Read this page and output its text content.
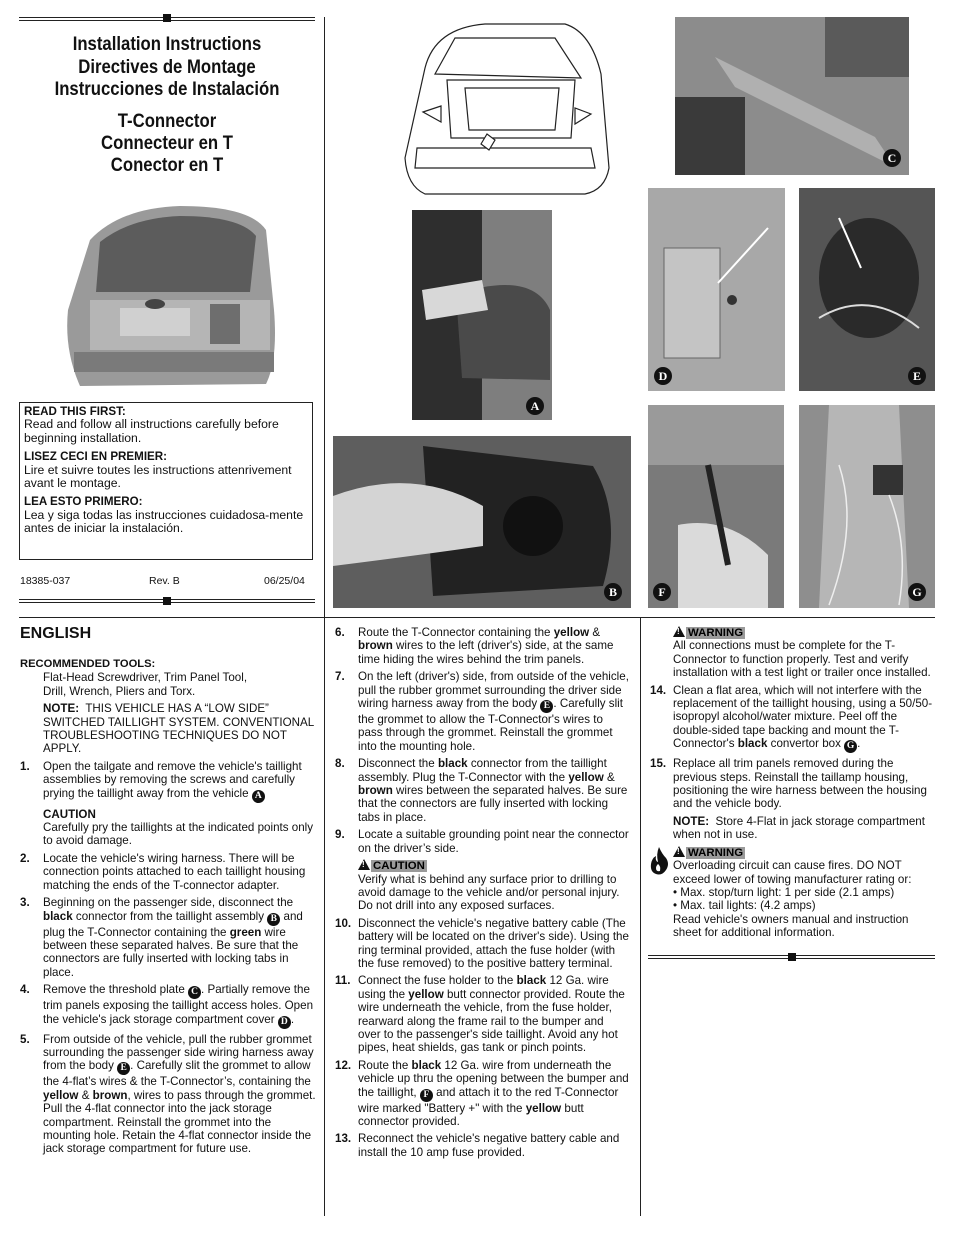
Installation Instructions
Directives de Montage
Instrucciones de Instalación
T-Connector
Connecteur en T
Conector en T

READ THIS FIRST:

Read and follow all instructions carefully before beginning installation.

LISEZ CECI EN PREMIER:

Lire et suivre toutes les instructions attenrivement avant le montage.

LEA ESTO PRIMERO:

Lea y siga todas las instrucciones cuidadosa-mente antes de iniciar la instalación.

18385-037	Rev. B	06/25/04
C
A
D	E
B	F	G

ENGLISH

RECOMMENDED TOOLS:

Flat-Head Screwdriver, Trim Panel Tool, Drill, Wrench, Pliers and Torx.

NOTE: THIS VEHICLE HAS A “LOW SIDE” SWITCHED TAILLIGHT SYSTEM. CONVENTIONAL TROUBLESHOOTING TECHNIQUES DO NOT APPLY.

1. Open the tailgate and remove the vehicle's taillight assemblies by removing the screws and carefully prying the taillight away from the vehicle A

CAUTION

Carefully pry the taillights at the indicated points only to avoid damage.

2. Locate the vehicle's wiring harness. There will be connection points attached to each taillight housing matching the ends of the T-connector adapter.

3. Beginning on the passenger side, disconnect the black connector from the taillight assembly B and plug the T-Connector containing the green wire between these separated halves. Be sure that the connectors are fully inserted with locking tabs in place.

4. Remove the threshold plate C . Partially remove the trim panels exposing the taillight access holes. Open the vehicle's jack storage compartment cover D .

5. From outside of the vehicle, pull the rubber grommet surrounding the passenger side wiring harness away from the body E . Carefully slit the grommet to allow the 4-flat’s wires & the T-Connector’s, containing the yellow & brown, wires to pass through the grommet. Pull the 4-flat connector into the jack storage compartment. Reinstall the grommet into the mounting hole. Retain the 4-flat connector inside the jack storage compartment for future use.

6. Route the T-Connector containing the yellow & brown wires to the left (driver's) side, at the same time hiding the wires behind the trim panels.

7. On the left (driver's) side, from outside of the vehicle, pull the rubber grommet surrounding the driver side wiring harness away from the body E . Carefully slit the grommet to allow the T-Connector's wires to pass through the grommet. Reinstall the grommet into the mounting hole.

8. Disconnect the black connector from the taillight assembly. Plug the T-Connector with the yellow & brown wires between the separated halves. Be sure that the connectors are fully inserted with locking tabs in place.

9. Locate a suitable grounding point near the connector on the driver’s side.

!CAUTION

Verify what is behind any surface prior to drilling to avoid damage to the vehicle and/or personal injury. Do not drill into any exposed surfaces.

10. Disconnect the vehicle's negative battery cable (The battery will be located on the driver's side). Using the ring terminal provided, attach the fuse holder (with the fuse removed) to the positive battery terminal.

11. Connect the fuse holder to the black 12 Ga. wire using the yellow butt connector provided. Route the wire underneath the vehicle, from the fuse holder, rearward along the frame rail to the bumper and over to the passenger's side taillight. Avoid any hot pipes, heat shields, gas tank or pinch points.

12. Route the black 12 Ga. wire from underneath the vehicle up thru the opening between the bumper and the taillight, F and attach it to the red T-Connector wire marked "Battery +" with the yellow butt connector provided.

13. Reconnect the vehicle's negative battery cable and install the 10 amp fuse provided.

!WARNING

All connections must be complete for the T-Connector to function properly. Test and verify installation with a test light or trailer once installed.

14. Clean a flat area, which will not interfere with the replacement of the taillight housing, using a 50/50-isopropyl alcohol/water mixture. Peel off the double-sided tape backing and mount the T-Connector's black convertor box G .

15. Replace all trim panels removed during the previous steps. Reinstall the taillamp housing, positioning the wire harness between the housing and the vehicle body.

NOTE: Store 4-Flat in jack storage compartment when not in use.

!WARNING

Overloading circuit can cause fires. DO NOT exceed lower of towing manufacturer rating or:

• Max. stop/turn light: 1 per side (2.1 amps)

• Max. tail lights: (4.2 amps)

Read vehicle's owners manual and instruction sheet for additional information.
